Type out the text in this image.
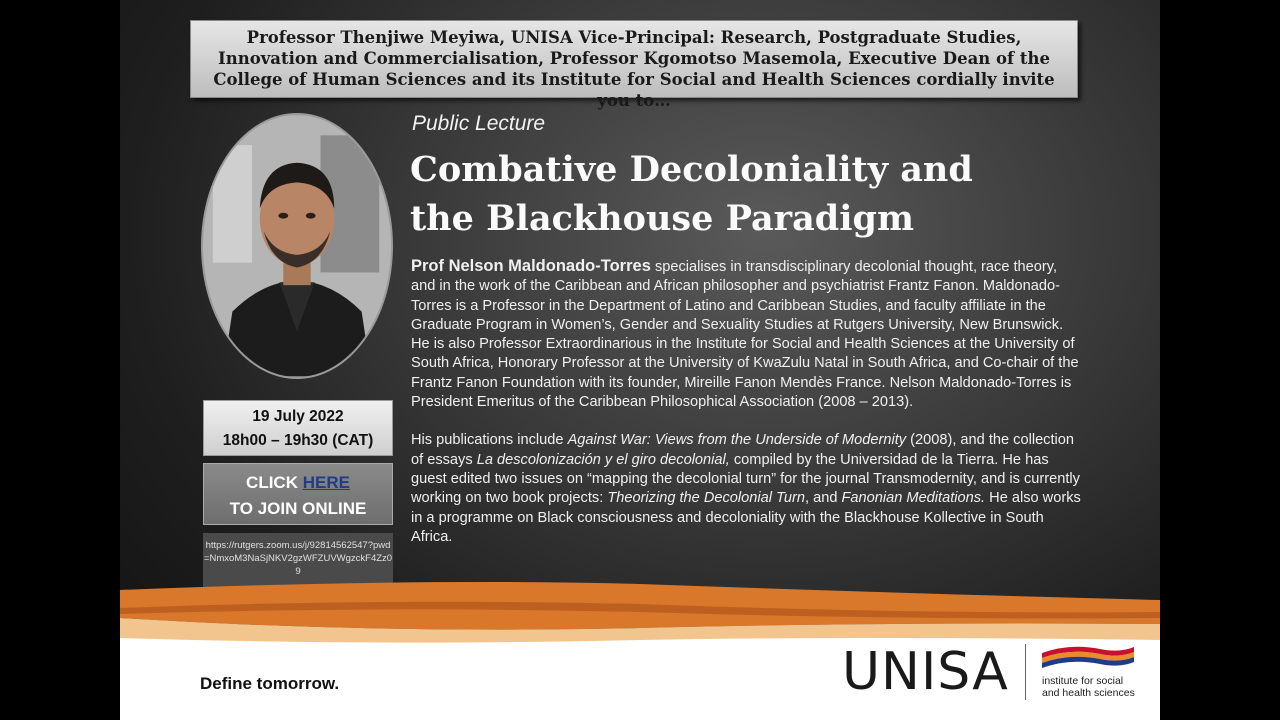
Professor Thenjiwe Meyiwa, UNISA Vice-Principal: Research, Postgraduate Studies, Innovation and Commercialisation, Professor Kgomotso Masemola, Executive Dean of the College of Human Sciences and its Institute for Social and Health Sciences cordially invite you to…
Public Lecture
Combative Decoloniality and
the Blackhouse Paradigm

Prof Nelson Maldonado-Torres specialises in transdisciplinary decolonial thought, race theory, and in the work of the Caribbean and African philosopher and psychiatrist Frantz Fanon. Maldonado-Torres is a Professor in the Department of Latino and Caribbean Studies, and faculty affiliate in the Graduate Program in Women’s, Gender and Sexuality Studies at Rutgers University, New Brunswick. He is also Professor Extraordinarious in the Institute for Social and Health Sciences at the University of South Africa, Honorary Professor at the University of KwaZulu Natal in South Africa, and Co-chair of the Frantz Fanon Foundation with its founder, Mireille Fanon Mendès France. Nelson Maldonado-Torres is President Emeritus of the Caribbean Philosophical Association (2008 – 2013).

His publications include Against War: Views from the Underside of Modernity (2008), and the collection of essays La descolonización y el giro decolonial, compiled by the Universidad de la Tierra. He has guest edited two issues on “mapping the decolonial turn” for the journal Transmodernity, and is currently working on two book projects: Theorizing the Decolonial Turn, and Fanonian Meditations. He also works in a programme on Black consciousness and decoloniality with the Blackhouse Kollective in South Africa.

19 July 2022
18h00 – 19h30 (CAT)
CLICK HERE
TO JOIN ONLINE
https://rutgers.zoom.us/j/92814562547?pwd=NmxoM3NaSjNKV2gzWFZUVWgzckF4Zz09
Define tomorrow.	UNISA	institute for social
and health sciences
